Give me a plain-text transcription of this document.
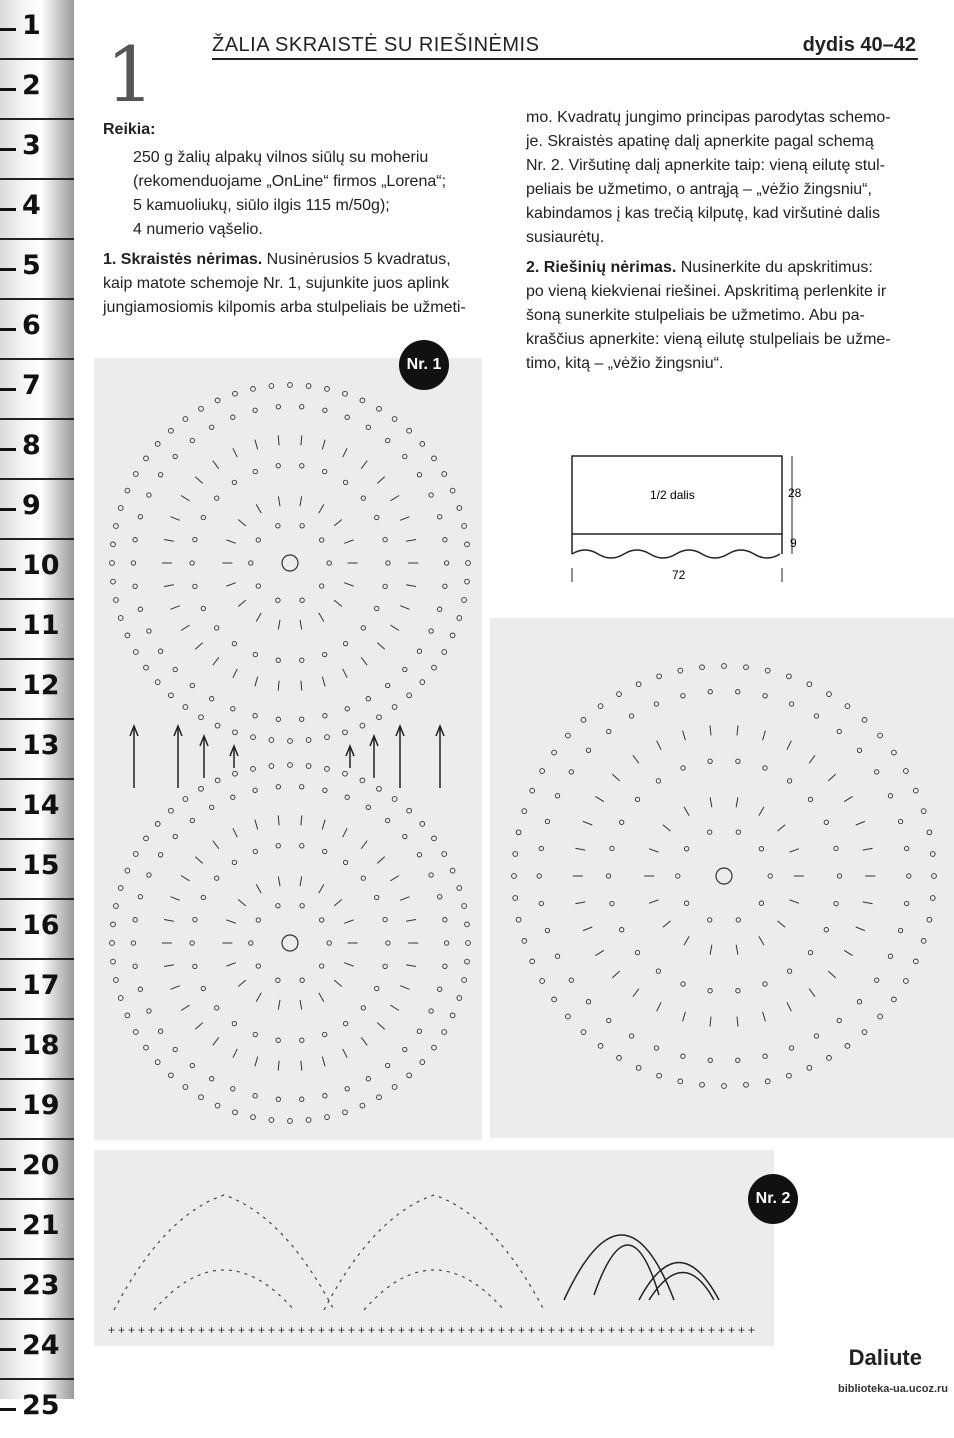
1
2
3
4
5
6
7
8
9
10
11
12
13
14
15
16
17
18
19
20
21
23
24
25
1	ŽALIA SKRAISTĖ SU RIEŠINĖMIS	dydis 40–42

Reikia:

250 g žalių alpakų vilnos siūlų su moheriu

(rekomenduojame „OnLine“ firmos „Lorena“;

5 kamuoliukų, siūlo ilgis 115 m/50g);

4 numerio vąšelio.

1. Skraistės nėrimas. Nusinėrusios 5 kvadratus,

kaip matote schemoje Nr. 1, sujunkite juos aplink

jungiamosiomis kilpomis arba stulpeliais be užmeti-

mo. Kvadratų jungimo principas parodytas schemo-

je. Skraistės apatinę dalį apnerkite pagal schemą

Nr. 2. Viršutinę dalį apnerkite taip: vieną eilutę stul-

peliais be užmetimo, o antrąją – „vėžio žingsniu“,

kabindamos į kas trečią kilputę, kad viršutinė dalis

susiaurėtų.

2. Riešinių nėrimas. Nusinerkite du apskritimus:

po vieną kiekvienai riešinei. Apskritimą perlenkite ir

šoną sunerkite stulpeliais be užmetimo. Abu pa-

kraščius apnerkite: vieną eilutę stulpeliais be užme-

timo, kitą – „vėžio žingsniu“.

Nr. 1
1/2 dalis	28
9
72
+ + + + + + + + + + + + + + + + + + + + + + + + + + + + + + + + + + + + + + + + + + + + + + + + + + + + + + + + + + + + + + + + +
Nr. 2
Daliute
biblioteka-ua.ucoz.ru
